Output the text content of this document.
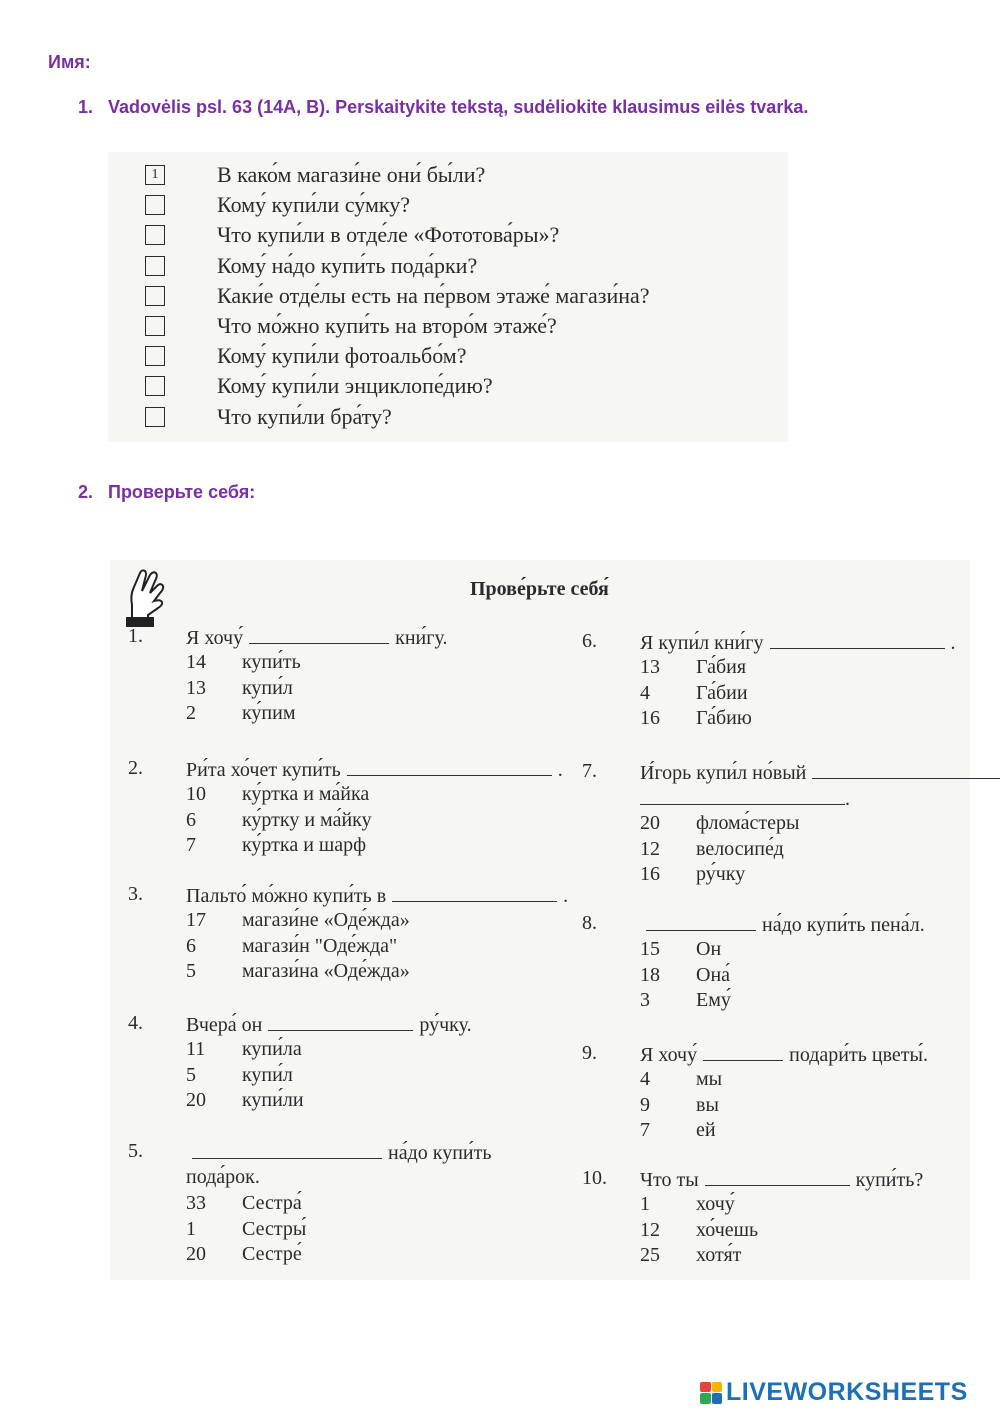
Имя:
1. Vadovėlis psl. 63 (14A, B). Perskaitykite tekstą, sudėliokite klausimus eilės tvarka.
1	В како́м магази́не они́ бы́ли?
Кому́ купи́ли су́мку?
Что купи́ли в отде́ле «Фототова́ры»?
Кому́ на́до купи́ть пода́рки?
Каки́е отде́лы есть на пе́рвом этаже́ магази́на?
Что мо́жно купи́ть на второ́м этаже́?
Кому́ купи́ли фотоальбо́м?
Кому́ купи́ли энциклопе́дию?
Что купи́ли бра́ту?
2. Проверьте себя:
Прове́рьте себя́
1. Я хочу́	кни́гу.
14 купи́ть
13 купи́л
2 ку́пим
2. Ри́та хо́чет купи́ть	.
10 ку́ртка и ма́йка
6 ку́ртку и ма́йку
7 ку́ртка и шарф
3. Пальто́ мо́жно купи́ть в	.
17 магази́не «Оде́жда»
6 магази́н "Оде́жда"
5 магази́на «Оде́жда»
4. Вчера́ он	ру́чку.
11 купи́ла
5 купи́л
20 купи́ли
5.	на́до купи́ть
пода́рок.
33 Сестра́
1 Сестры́
20 Сестре́
6. Я купи́л кни́гу	.
13 Га́бия
4 Га́бии
16 Га́бию
7. И́горь купи́л но́вый
.
20 флома́стеры
12 велосипе́д
16 ру́чку
8.	на́до купи́ть пена́л.
15 Он
18 Она́
3 Ему́
9. Я хочу́	подари́ть цветы́.
4 мы
9 вы
7 ей
10. Что ты	купи́ть?
1 хочу́
12 хо́чешь
25 хотя́т
LIVEWORKSHEETS
